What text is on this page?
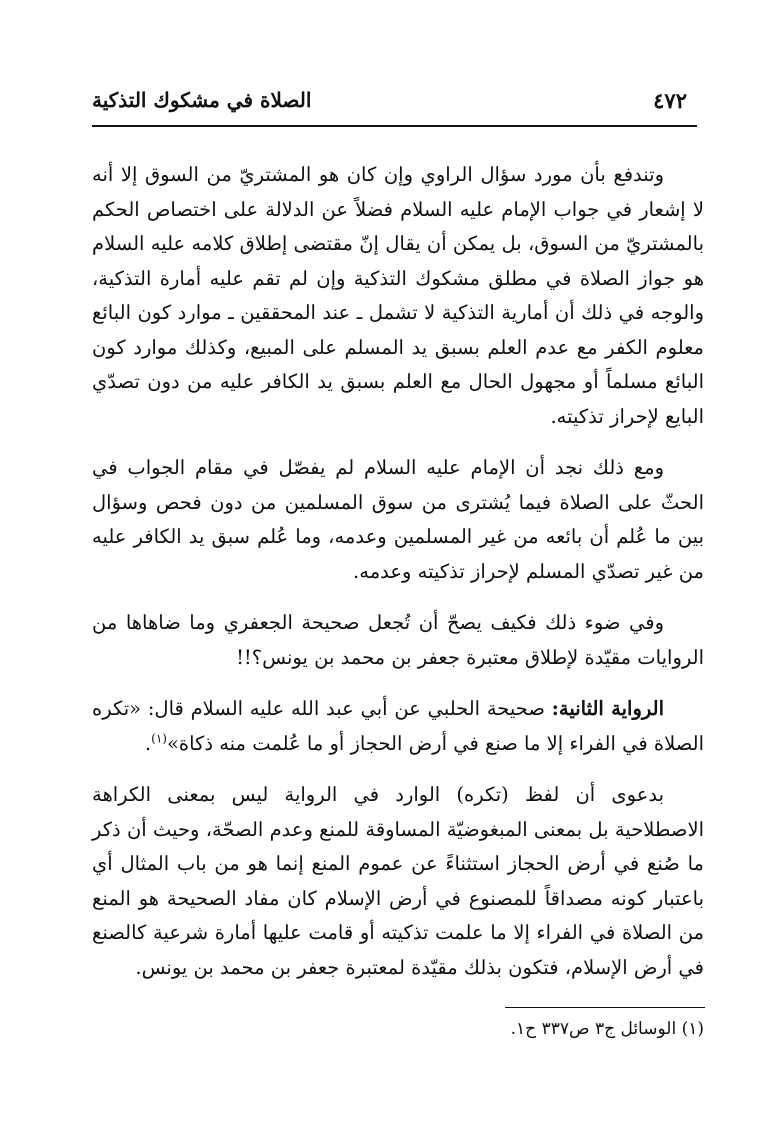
٤٧٢
الصلاة في مشكوك التذكية

وتندفع بأن مورد سؤال الراوي وإن كان هو المشتريّ من السوق إلا أنه لا إشعار في جواب الإمام عليه السلام فضلاً عن الدلالة على اختصاص الحكم بالمشتريّ من السوق، بل يمكن أن يقال إنّ مقتضى إطلاق كلامه عليه السلام هو جواز الصلاة في مطلق مشكوك التذكية وإن لم تقم عليه أمارة التذكية، والوجه في ذلك أن أمارية التذكية لا تشمل ـ عند المحققين ـ موارد كون البائع معلوم الكفر مع عدم العلم بسبق يد المسلم على المبيع، وكذلك موارد كون البائع مسلماً أو مجهول الحال مع العلم بسبق يد الكافر عليه من دون تصدّي البايع لإحراز تذكيته.

ومع ذلك نجد أن الإمام عليه السلام لم يفصّل في مقام الجواب في الحثّ على الصلاة فيما يُشترى من سوق المسلمين من دون فحص وسؤال بين ما عُلم أن بائعه من غير المسلمين وعدمه، وما عُلم سبق يد الكافر عليه من غير تصدّي المسلم لإحراز تذكيته وعدمه.

وفي ضوء ذلك فكيف يصحّ أن تُجعل صحيحة الجعفري وما ضاهاها من الروايات مقيّدة لإطلاق معتبرة جعفر بن محمد بن يونس؟!!

الرواية الثانية: صحيحة الحلبي عن أبي عبد الله عليه السلام قال: «تكره الصلاة في الفراء إلا ما صنع في أرض الحجاز أو ما عُلمت منه ذكاة»$^{(١)}$.

بدعوى أن لفظ (تكره) الوارد في الرواية ليس بمعنى الكراهة الاصطلاحية بل بمعنى المبغوضيّة المساوقة للمنع وعدم الصحّة، وحيث أن ذكر ما صُنع في أرض الحجاز استثناءً عن عموم المنع إنما هو من باب المثال أي باعتبار كونه مصداقاً للمصنوع في أرض الإسلام كان مفاد الصحيحة هو المنع من الصلاة في الفراء إلا ما علمت تذكيته أو قامت عليها أمارة شرعية كالصنع في أرض الإسلام، فتكون بذلك مقيّدة لمعتبرة جعفر بن محمد بن يونس.

(١) الوسائل ج٣ ص٣٣٧ ح١.
